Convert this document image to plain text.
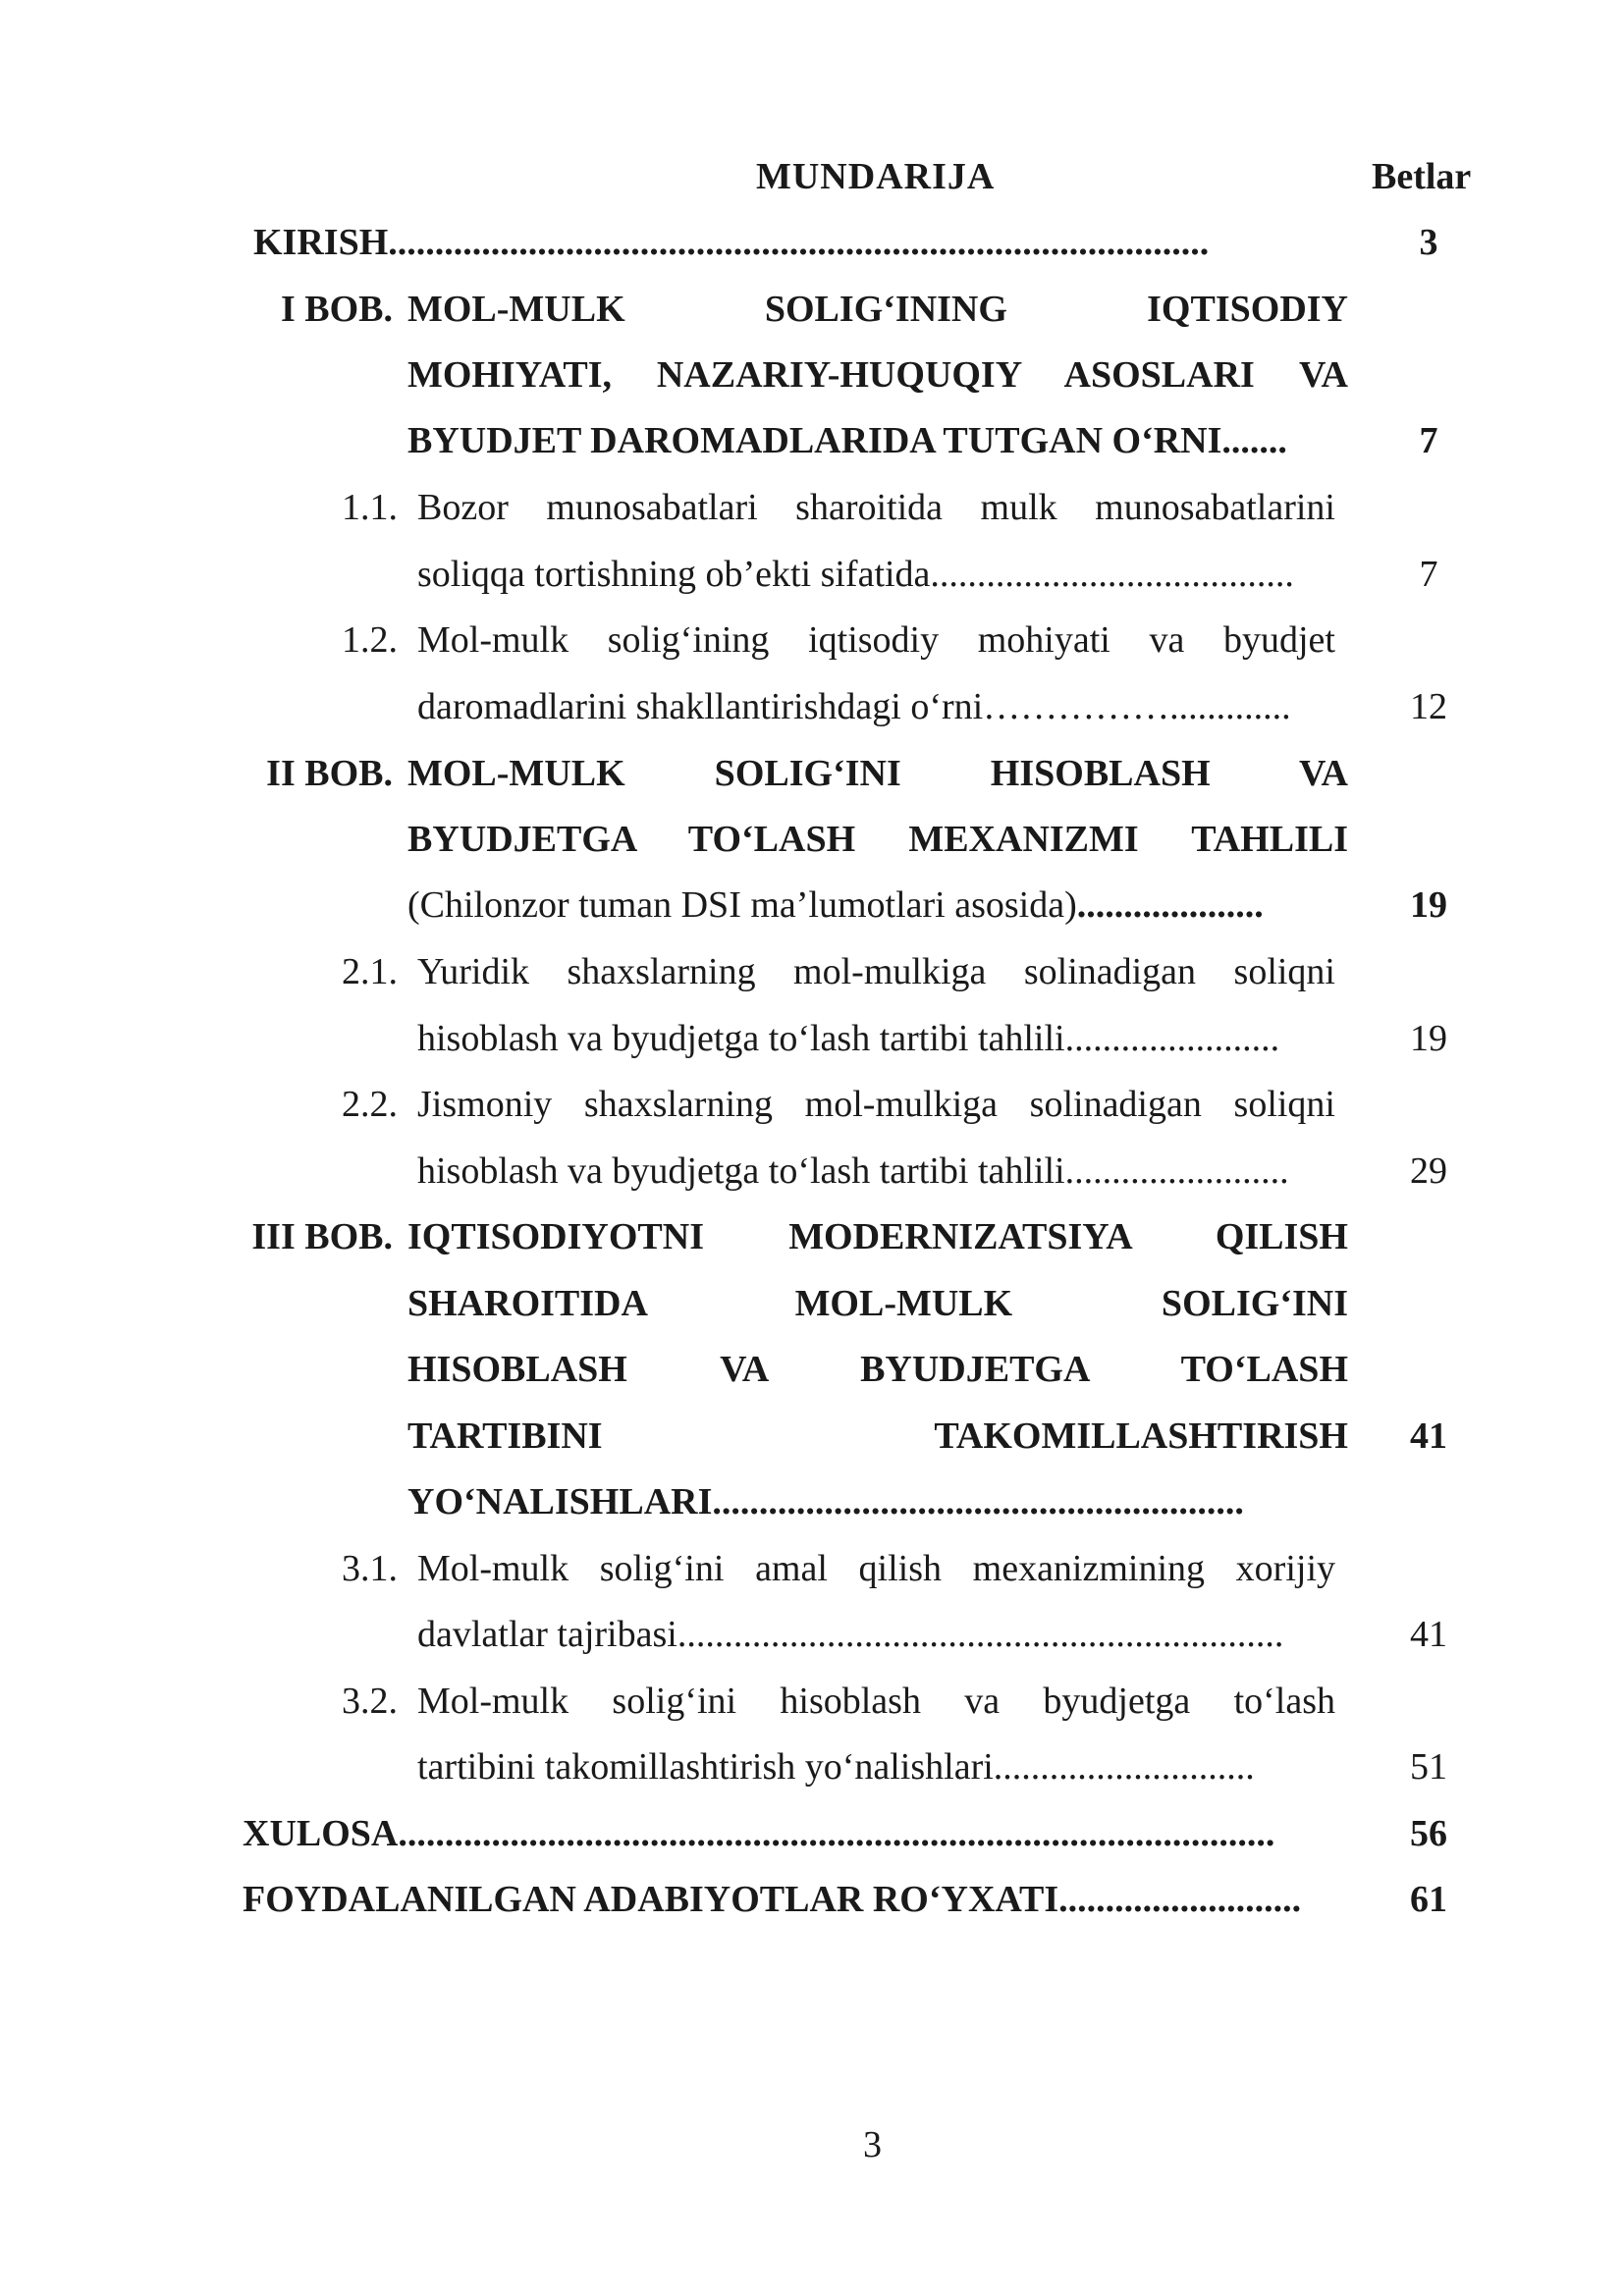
MUNDARIJA	Betlar
KIRISH........................................................................................	3
I BOB. MOL-MULK SOLIG‘INING IQTISODIY
MOHIYATI, NAZARIY-HUQUQIY ASOSLARI VA
BYUDJET DAROMADLARIDA TUTGAN O‘RNI.......	7
1.1. Bozor munosabatlari sharoitida mulk munosabatlarini
soliqqa tortishning ob’ekti sifatida.......................................	7
1.2. Mol-mulk solig‘ining iqtisodiy mohiyati va byudjet
daromadlarini shakllantirishdagi o‘rni…………….............	12
II BOB. MOL-MULK SOLIG‘INI HISOBLASH VA
BYUDJETGA TO‘LASH MEXANIZMI TAHLILI
(Chilonzor tuman DSI ma’lumotlari asosida)....................	19
2.1. Yuridik shaxslarning mol-mulkiga solinadigan soliqni
hisoblash va byudjetga to‘lash tartibi tahlili.......................	19
2.2. Jismoniy shaxslarning mol-mulkiga solinadigan soliqni
hisoblash va byudjetga to‘lash tartibi tahlili........................	29
III BOB. IQTISODIYOTNI MODERNIZATSIYA QILISH
SHAROITIDA MOL-MULK SOLIG‘INI
HISOBLASH VA BYUDJETGA TO‘LASH
TARTIBINI TAKOMILLASHTIRISH	41
YO‘NALISHLARI.........................................................
3.1. Mol-mulk solig‘ini amal qilish mexanizmining xorijiy
davlatlar tajribasi.................................................................	41
3.2. Mol-mulk solig‘ini hisoblash va byudjetga to‘lash
tartibini takomillashtirish yo‘nalishlari............................	51
XULOSA..............................................................................................	56
FOYDALANILGAN ADABIYOTLAR RO‘YXATI..........................	61
3
